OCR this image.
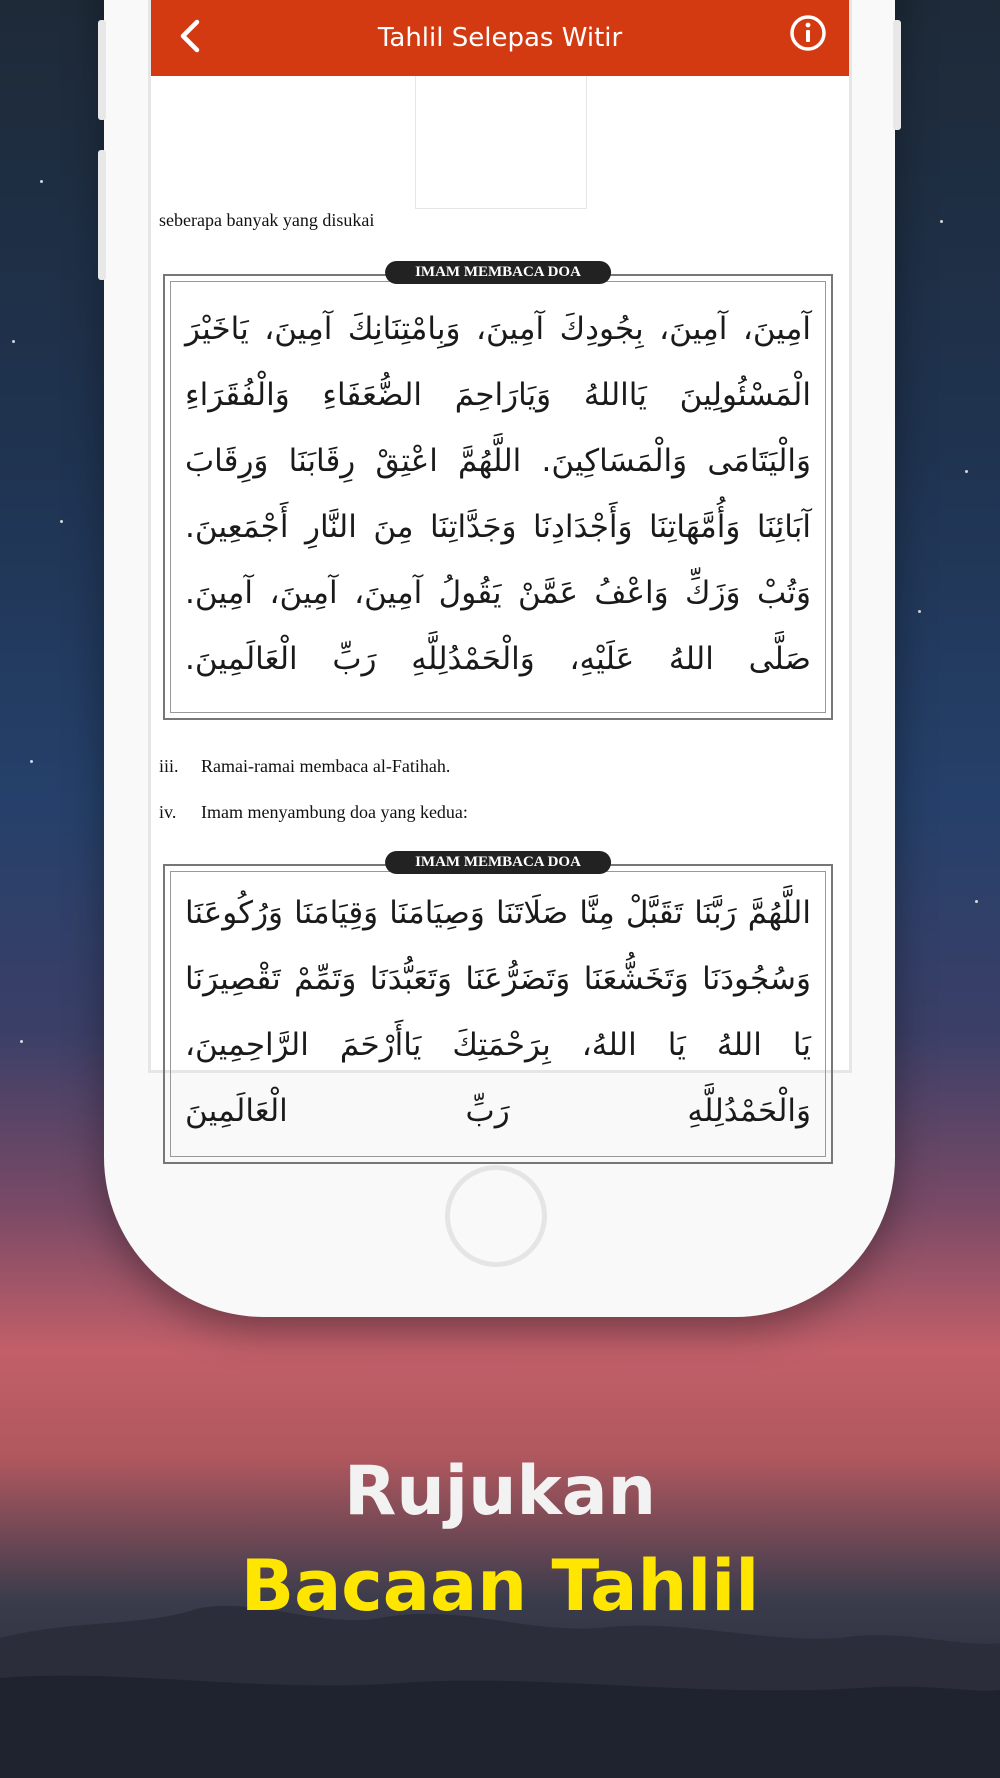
Tahlil Selepas Witir
seberapa banyak yang disukai
IMAM MEMBACA DOA
آمِينَ، آمِينَ، بِجُودِكَ آمِينَ، وَبِامْتِنَانِكَ آمِينَ، يَاخَيْرَ الْمَسْئُولِينَ يَااللهُ وَيَارَاحِمَ الضُّعَفَاءِ وَالْفُقَرَاءِ وَالْيَتَامَى وَالْمَسَاكِينَ. اللَّهُمَّ اعْتِقْ رِقَابَنَا وَرِقَابَ آبَائِنَا وَأُمَّهَاتِنَا وَأَجْدَادِنَا وَجَدَّاتِنَا مِنَ النَّارِ أَجْمَعِينَ. وَتُبْ وَزَكِّ وَاعْفُ عَمَّنْ يَقُولُ آمِينَ، آمِينَ، آمِينَ. صَلَّى اللهُ عَلَيْهِ، وَالْحَمْدُلِلَّهِ رَبِّ الْعَالَمِينَ.
iii. Ramai-ramai membaca al-Fatihah.
iv. Imam menyambung doa yang kedua:
IMAM MEMBACA DOA
اللَّهُمَّ رَبَّنَا تَقَبَّلْ مِنَّا صَلَاتَنَا وَصِيَامَنَا وَقِيَامَنَا وَرُكُوعَنَا وَسُجُودَنَا وَتَخَشُّعَنَا وَتَضَرُّعَنَا وَتَعَبُّدَنَا وَتَمِّمْ تَقْصِيرَنَا يَا اللهُ يَا اللهُ، بِرَحْمَتِكَ يَاأَرْحَمَ الرَّاحِمِينَ، وَالْحَمْدُلِلَّهِ رَبِّ الْعَالَمِينَ
Rujukan
Bacaan Tahlil
